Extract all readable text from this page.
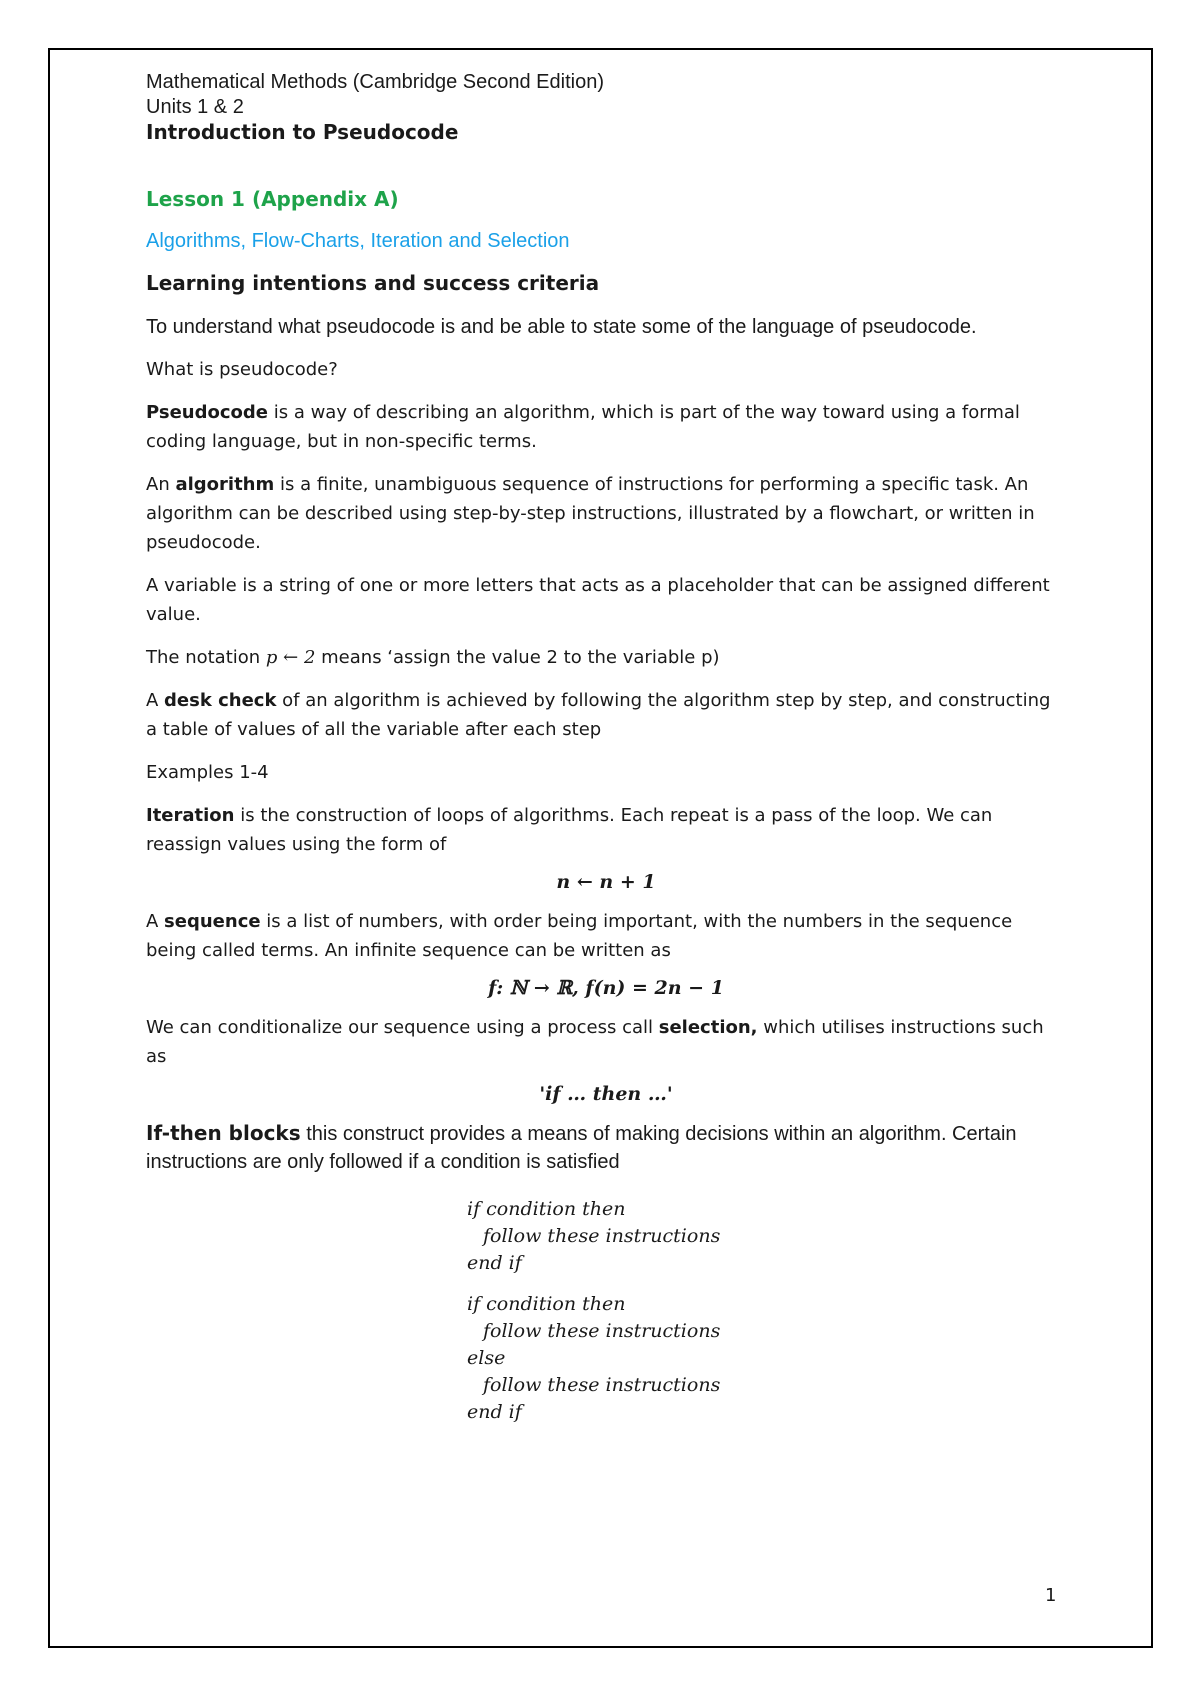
Mathematical Methods (Cambridge Second Edition)

Units 1 & 2

Introduction to Pseudocode

Lesson 1 (Appendix A)

Algorithms, Flow-Charts, Iteration and Selection

Learning intentions and success criteria

To understand what pseudocode is and be able to state some of the language of pseudocode.

What is pseudocode?

Pseudocode is a way of describing an algorithm, which is part of the way toward using a formal coding language, but in non-specific terms.

An algorithm is a finite, unambiguous sequence of instructions for performing a specific task. An algorithm can be described using step-by-step instructions, illustrated by a flowchart, or written in pseudocode.

A variable is a string of one or more letters that acts as a placeholder that can be assigned different value.

The notation p ← 2 means ‘assign the value 2 to the variable p)

A desk check of an algorithm is achieved by following the algorithm step by step, and constructing a table of values of all the variable after each step

Examples 1-4

Iteration is the construction of loops of algorithms. Each repeat is a pass of the loop. We can reassign values using the form of

n ← n + 1

A sequence is a list of numbers, with order being important, with the numbers in the sequence being called terms. An infinite sequence can be written as

f: ℕ → ℝ, f(n) = 2n − 1

We can conditionalize our sequence using a process call selection, which utilises instructions such as

'if … then …'

If-then blocks this construct provides a means of making decisions within an algorithm. Certain instructions are only followed if a condition is satisfied

if condition then
follow these instructions
end if
if condition then
follow these instructions
else
follow these instructions
end if
1
